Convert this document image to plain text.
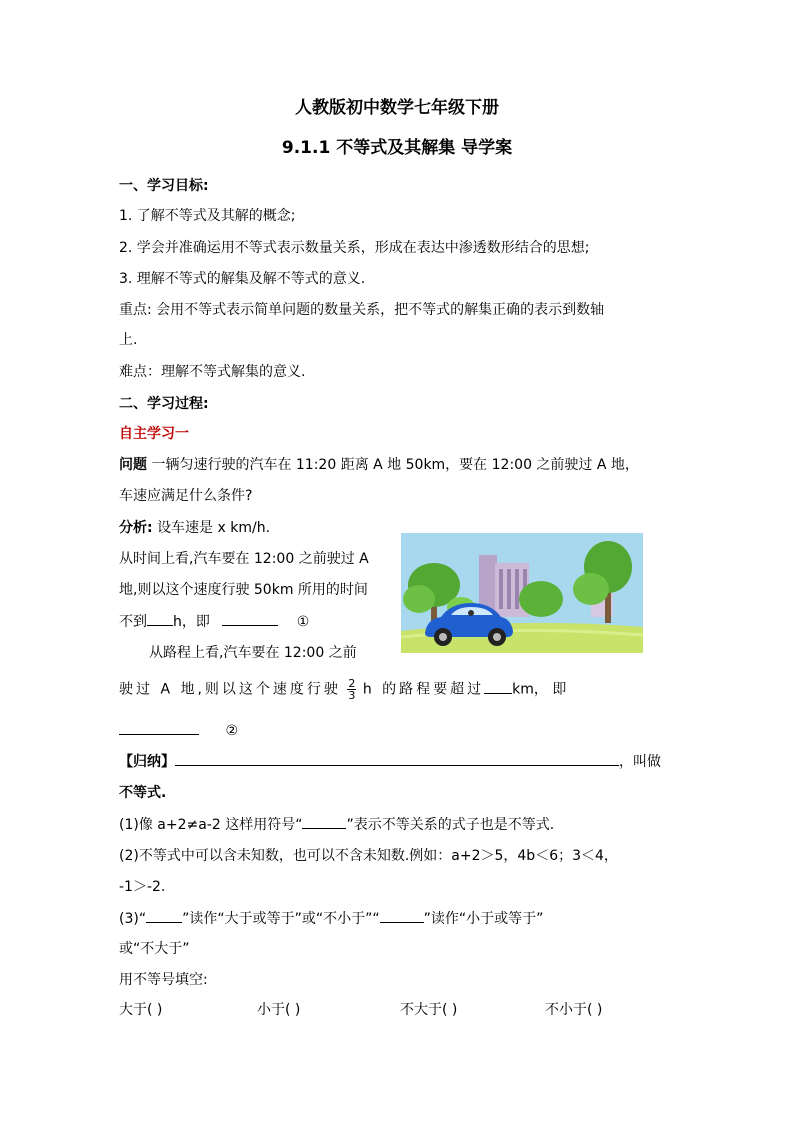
人教版初中数学七年级下册
9.1.1 不等式及其解集 导学案
一、学习目标:
1. 了解不等式及其解的概念;
2. 学会并准确运用不等式表示数量关系，形成在表达中渗透数形结合的思想;
3. 理解不等式的解集及解不等式的意义.
重点: 会用不等式表示简单问题的数量关系，把不等式的解集正确的表示到数轴
上.
难点：理解不等式解集的意义.
二、学习过程:
自主学习一
问题 一辆匀速行驶的汽车在 11:20 距离 A 地 50km，要在 12:00 之前驶过 A 地，
车速应满足什么条件?
分析: 设车速是 x km/h.
从时间上看,汽车要在 12:00 之前驶过 A
地,则以这个速度行驶 50km 所用的时间
不到 h，即	①
从路程上看,汽车要在 12:00 之前
驶过 A 地,则以这个速度行驶 $\frac{2}{3}$ h 的路程要超过 km， 即
②
【归纳】	，叫做
不等式.
(1)像 a+2≠a-2 这样用符号“	”表示不等关系的式子也是不等式.
(2)不等式中可以含未知数，也可以不含未知数.例如：a+2＞5，4b＜6；3＜4，
-1＞-2.
(3)“	”读作“大于或等于”或“不小于”“	”读作“小于或等于”
或“不大于”
用不等号填空:
大于( )	小于( )	不大于( )	不小于( )
